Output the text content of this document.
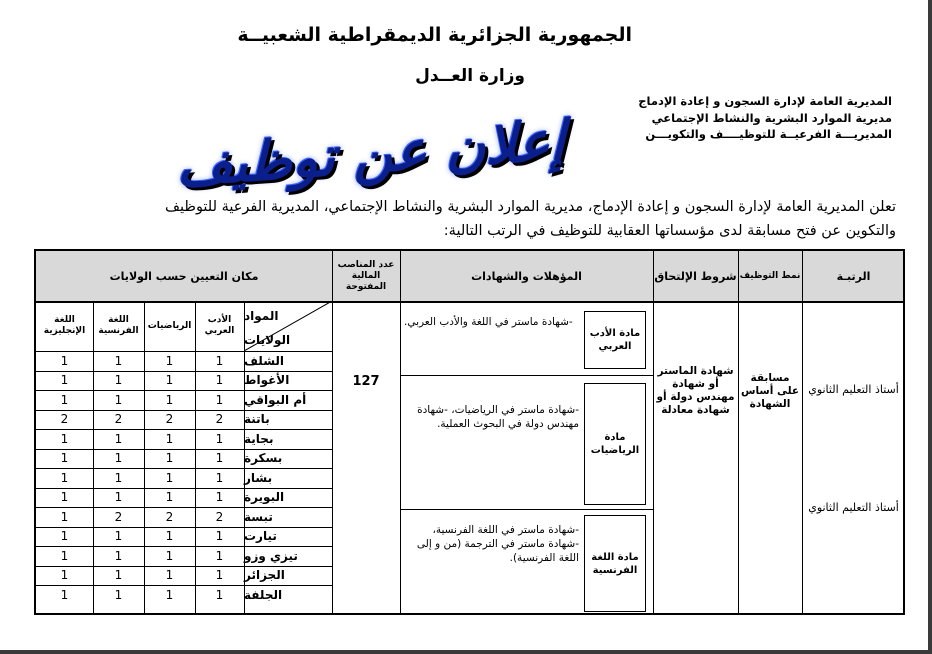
الجمهورية الجزائرية الديمقراطية الشعبيــة
وزارة العــدل
المديرية العامة لإدارة السجون و إعادة الإدماج
مديرية الموارد البشرية والنشاط الإجتماعي
المديريـــة الفرعيــة للتوظيــــف والتكويـــن
إعلان عن توظيف
تعلن المديرية العامة لإدارة السجون و إعادة الإدماج، مديرية الموارد البشرية والنشاط الإجتماعي، المديرية الفرعية للتوظيف
والتكوين عن فتح مسابقة لدى مؤسساتها العقابية للتوظيف في الرتب التالية:
الرتبـة
نمط التوظيف
شروط الإلتحاق
المؤهلات والشهادات
عدد المناصب المالية المفتوحة
مكان التعيين حسب الولايات
المواد
الولايات
الأدب العربي
الرياضيات
اللغة الفرنسية
اللغة الإنجليزية
أستاذ التعليم الثانوي
أستاذ التعليم الثانوي
مسابقة على أساس الشهادة
شهادة الماستر أو شهادة مهندس دولة أو شهادة معادلة
127
مادة الأدب العربي
-شهادة ماستر في اللغة والأدب العربي.
مادة الرياضيات
-شهادة ماستر في الرياضيات، -شهادة مهندس دولة في البحوث العملية.
مادة اللغة الفرنسية
-شهادة ماستر في اللغة الفرنسية، -شهادة ماستر في الترجمة (من و إلى اللغة الفرنسية).
الشلف
1
1
1
1
الأغواط
1
1
1
1
أم البواقي
1
1
1
1
باتنة
2
2
2
2
بجاية
1
1
1
1
بسكرة
1
1
1
1
بشار
1
1
1
1
البويرة
1
1
1
1
تبسة
2
2
2
1
تيارت
1
1
1
1
تيزي وزو
1
1
1
1
الجزائر
1
1
1
1
الجلفة
1
1
1
1
